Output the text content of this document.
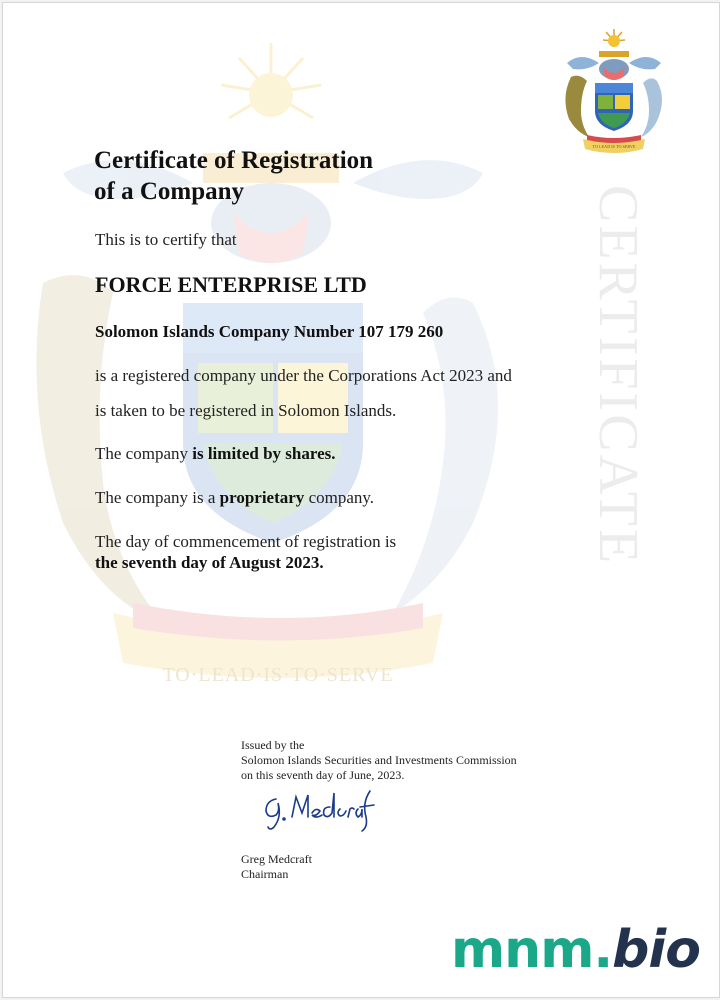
TO·LEAD·IS·TO·SERVE
CERTIFICATE
TO LEAD IS TO SERVE
Certificate of Registration
of a Company

This is to certify that

FORCE ENTERPRISE LTD

Solomon Islands Company Number 107 179 260

is a registered company under the Corporations Act 2023 and

is taken to be registered in Solomon Islands.

The company is limited by shares.

The company is a proprietary company.

The day of commencement of registration is

the seventh day of August 2023.

Issued by the
Solomon Islands Securities and Investments Commission
on this seventh day of June, 2023.
Greg Medcraft
Chairman
mnm.bio
